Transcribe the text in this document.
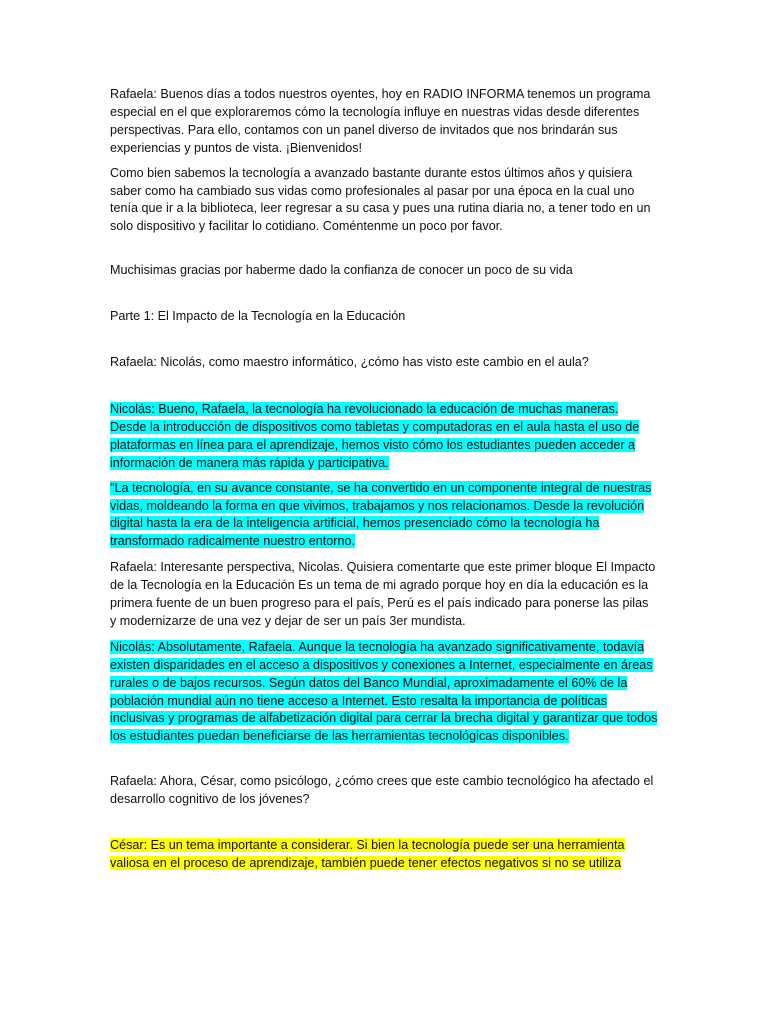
Rafaela: Buenos días a todos nuestros oyentes, hoy en RADIO INFORMA tenemos un programa especial en el que exploraremos cómo la tecnología influye en nuestras vidas desde diferentes perspectivas. Para ello, contamos con un panel diverso de invitados que nos brindarán sus experiencias y puntos de vista. ¡Bienvenidos!

Como bien sabemos la tecnología a avanzado bastante durante estos últimos años y quisiera saber como ha cambiado sus vidas como profesionales al pasar por una época en la cual uno tenía que ir a la biblioteca, leer regresar a su casa y pues una rutina diaria no, a tener todo en un solo dispositivo y facilitar lo cotidiano. Coméntenme un poco por favor.

Muchisimas gracias por haberme dado la confianza de conocer un poco de su vida

Parte 1: El Impacto de la Tecnología en la Educación

Rafaela: Nicolás, como maestro informático, ¿cómo has visto este cambio en el aula?

Nicolás: Bueno, Rafaela, la tecnología ha revolucionado la educación de muchas maneras. Desde la introducción de dispositivos como tabletas y computadoras en el aula hasta el uso de plataformas en línea para el aprendizaje, hemos visto cómo los estudiantes pueden acceder a información de manera más rápida y participativa.

"La tecnología, en su avance constante, se ha convertido en un componente integral de nuestras vidas, moldeando la forma en que vivimos, trabajamos y nos relacionamos. Desde la revolución digital hasta la era de la inteligencia artificial, hemos presenciado cómo la tecnología ha transformado radicalmente nuestro entorno.

Rafaela: Interesante perspectiva, Nicolas. Quisiera comentarte que este primer bloque El Impacto de la Tecnología en la Educación Es un tema de mi agrado porque hoy en día la educación es la primera fuente de un buen progreso para el país, Perú es el país indicado para ponerse las pilas y modernizarze de una vez y dejar de ser un país 3er mundista.

Nicolás: Absolutamente, Rafaela. Aunque la tecnología ha avanzado significativamente, todavía existen disparidades en el acceso a dispositivos y conexiones a Internet, especialmente en áreas rurales o de bajos recursos. Según datos del Banco Mundial, aproximadamente el 60% de la población mundial aún no tiene acceso a Internet. Esto resalta la importancia de políticas inclusivas y programas de alfabetización digital para cerrar la brecha digital y garantizar que todos los estudiantes puedan beneficiarse de las herramientas tecnológicas disponibles.

Rafaela: Ahora, César, como psicólogo, ¿cómo crees que este cambio tecnológico ha afectado el desarrollo cognitivo de los jóvenes?

César: Es un tema importante a considerar. Si bien la tecnología puede ser una herramienta valiosa en el proceso de aprendizaje, también puede tener efectos negativos si no se utiliza
